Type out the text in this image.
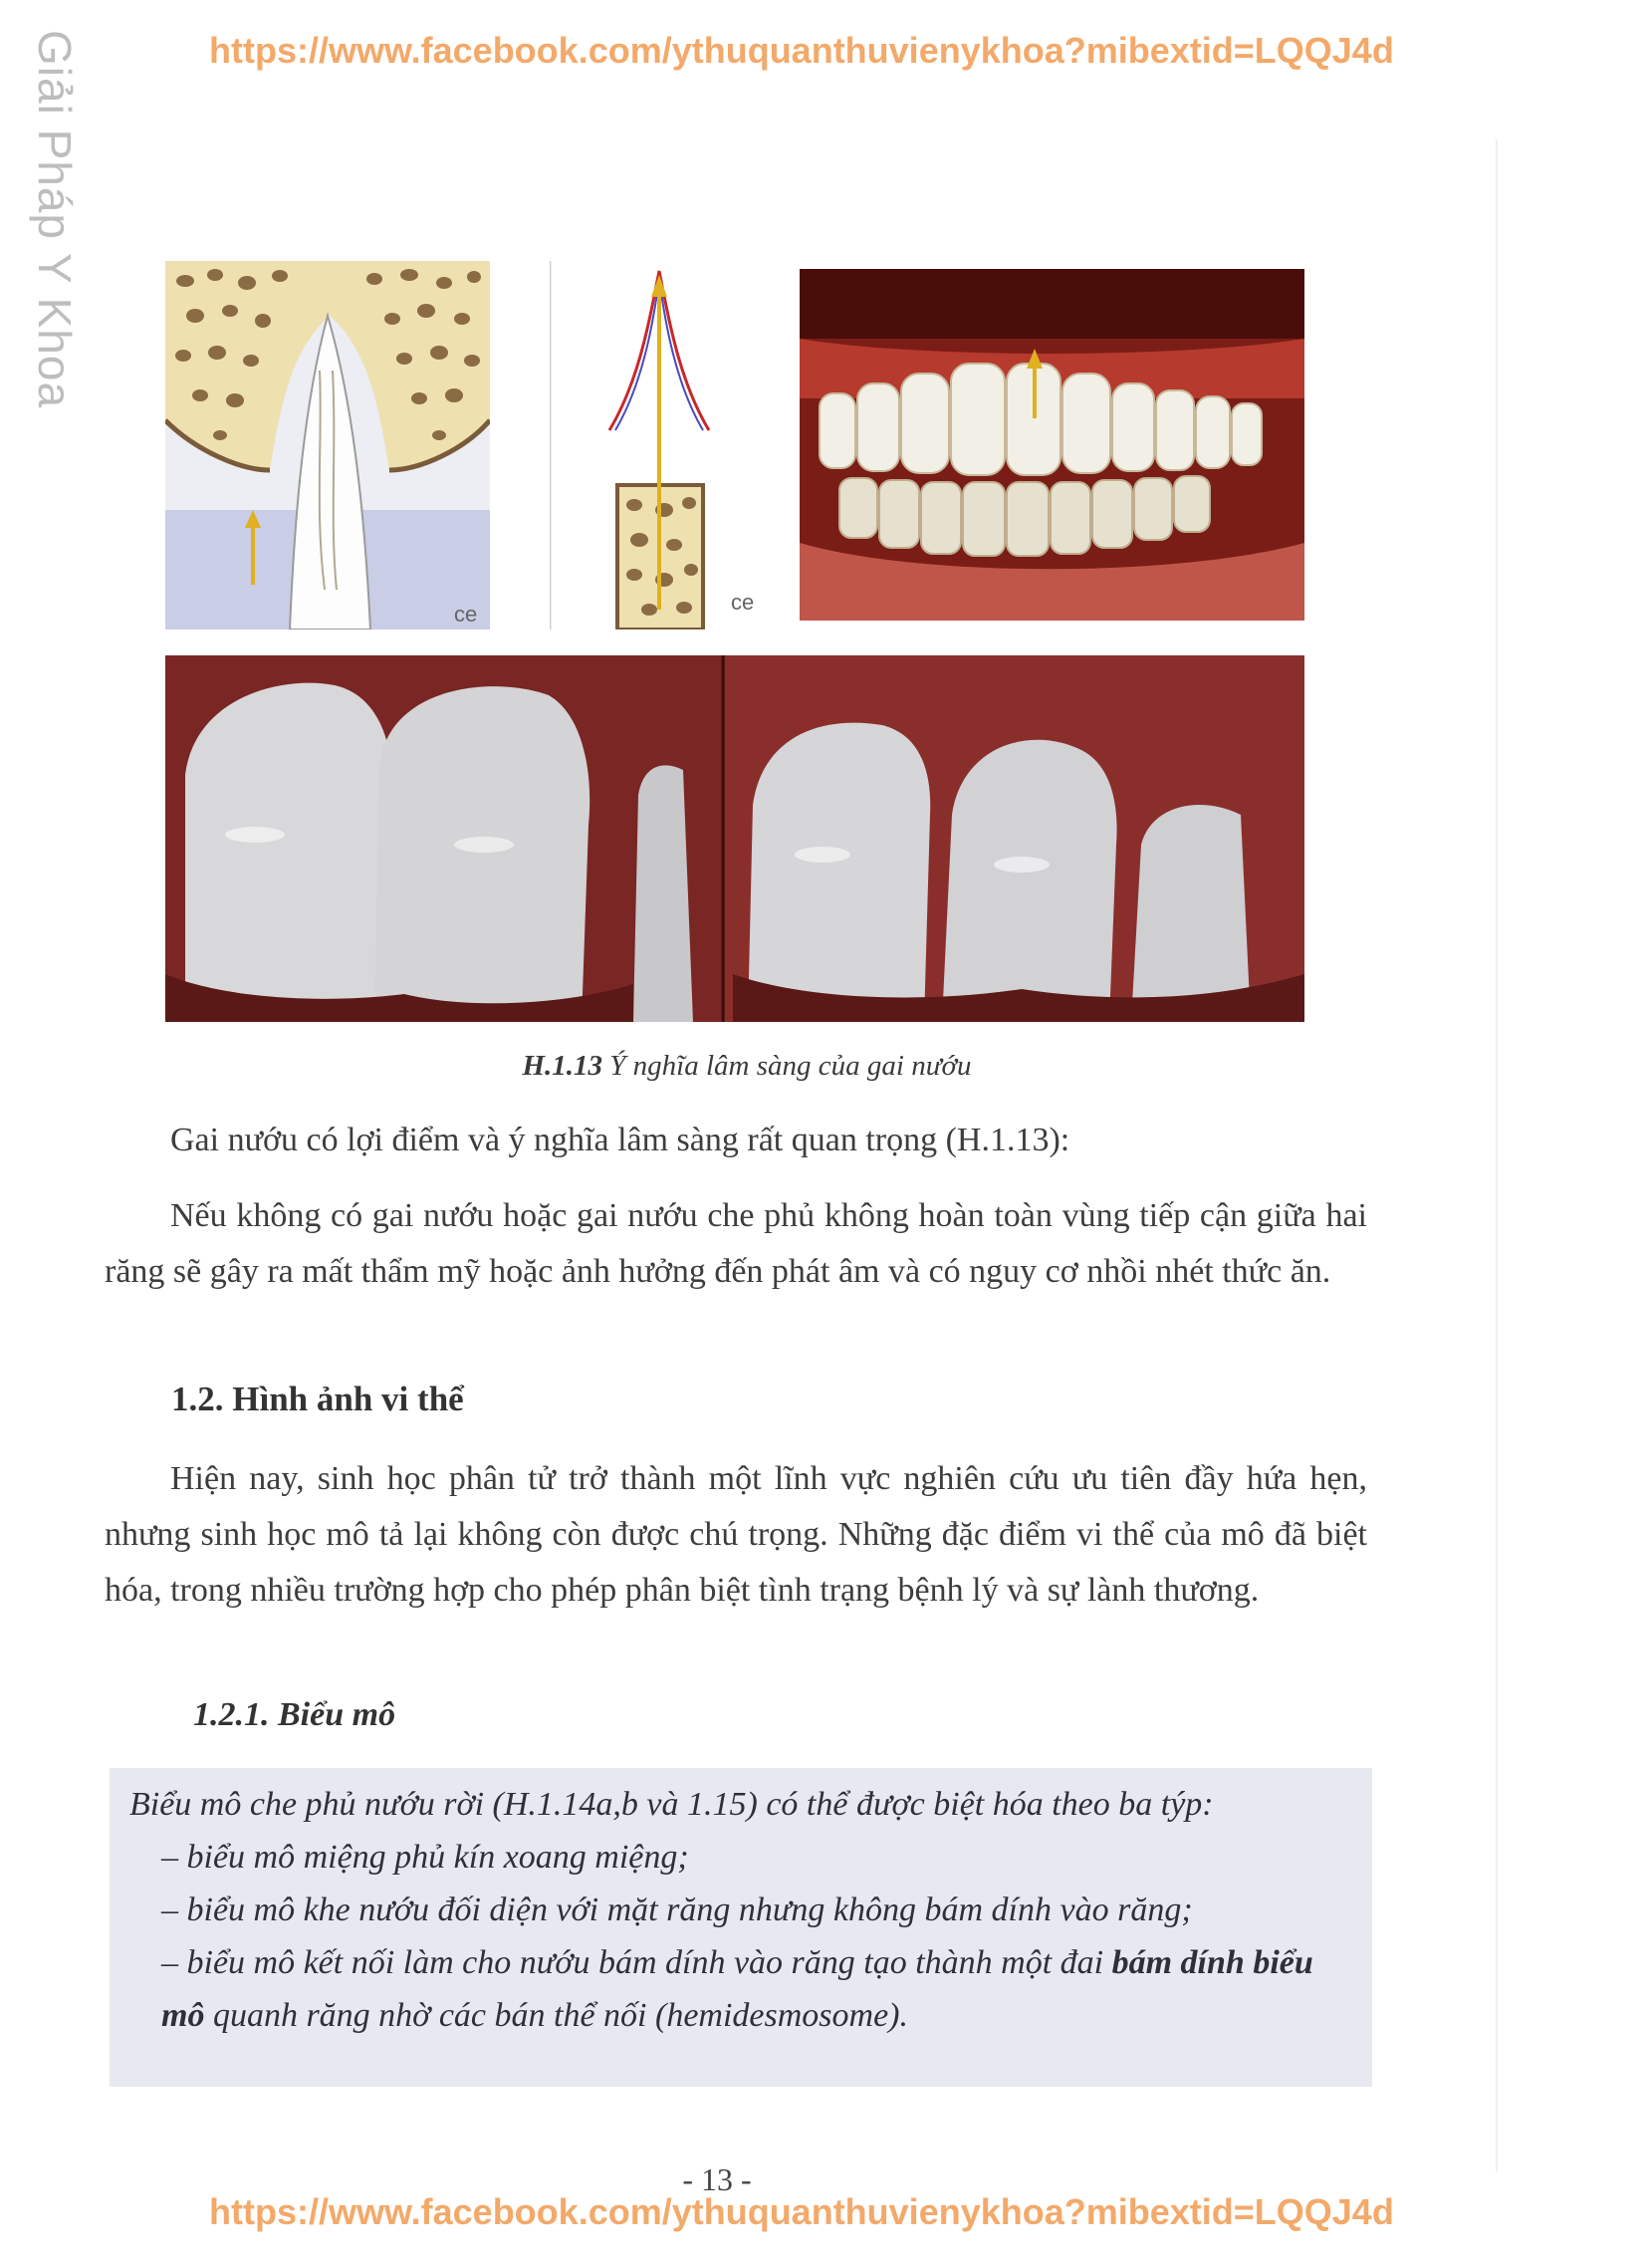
Giải Pháp Y Khoa	https://www.facebook.com/ythuquanthuvienykhoa?mibextid=LQQJ4d
ce	ce
H.1.13 Ý nghĩa lâm sàng của gai nướu

Gai nướu có lợi điểm và ý nghĩa lâm sàng rất quan trọng (H.1.13):

Nếu không có gai nướu hoặc gai nướu che phủ không hoàn toàn vùng tiếp cận giữa hai răng sẽ gây ra mất thẩm mỹ hoặc ảnh hưởng đến phát âm và có nguy cơ nhồi nhét thức ăn.

1.2. Hình ảnh vi thể

Hiện nay, sinh học phân tử trở thành một lĩnh vực nghiên cứu ưu tiên đầy hứa hẹn, nhưng sinh học mô tả lại không còn được chú trọng. Những đặc điểm vi thể của mô đã biệt hóa, trong nhiều trường hợp cho phép phân biệt tình trạng bệnh lý và sự lành thương.

1.2.1. Biểu mô

Biểu mô che phủ nướu rời (H.1.14a,b và 1.15) có thể được biệt hóa theo ba týp:

– biểu mô miệng phủ kín xoang miệng;

– biểu mô khe nướu đối diện với mặt răng nhưng không bám dính vào răng;

– biểu mô kết nối làm cho nướu bám dính vào răng tạo thành một đai bám dính biểu mô quanh răng nhờ các bán thể nối (hemidesmosome).

- 13 -
https://www.facebook.com/ythuquanthuvienykhoa?mibextid=LQQJ4d
